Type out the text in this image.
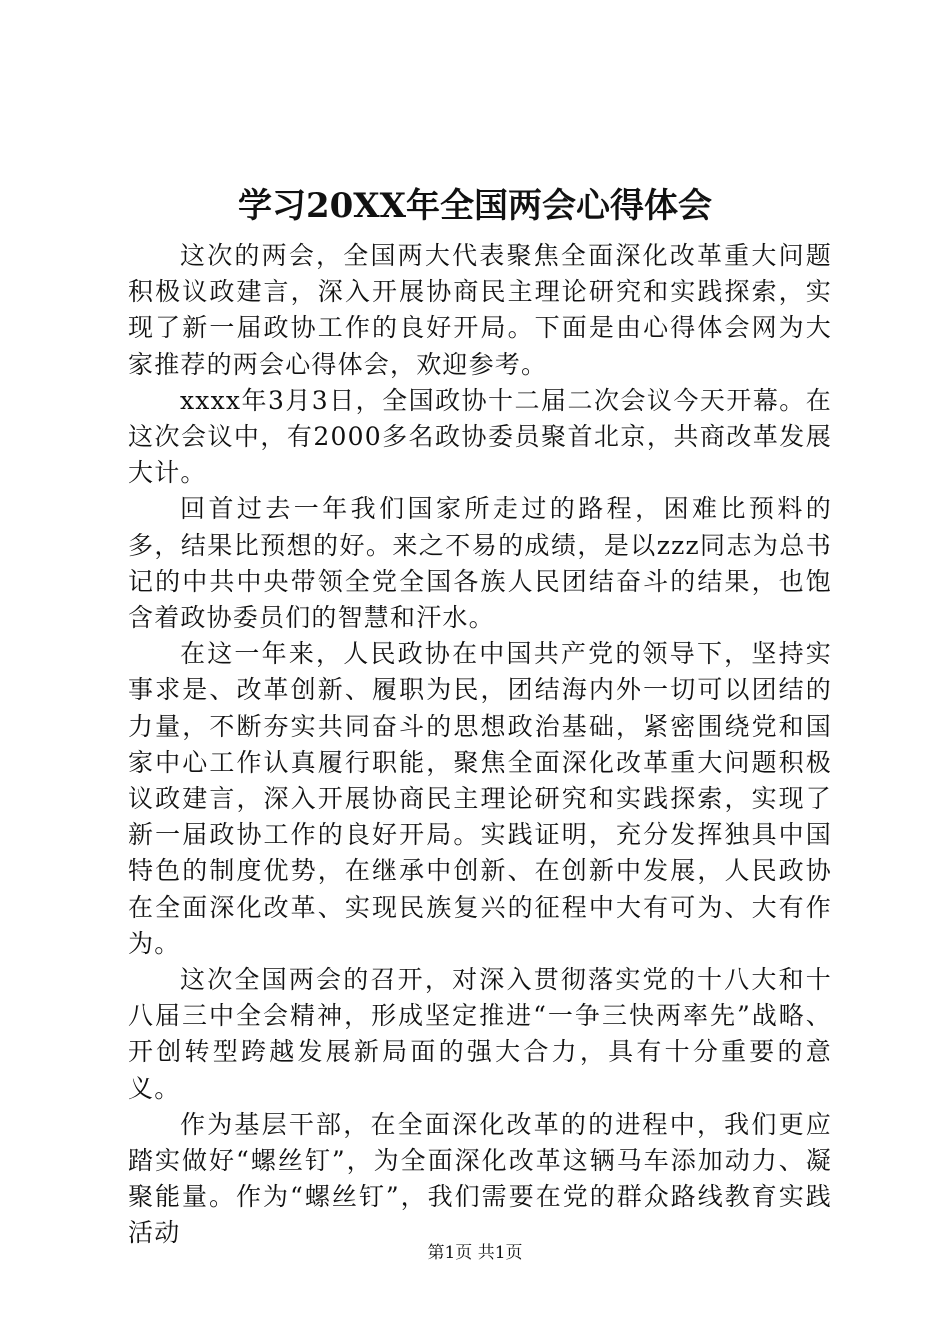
学习20XX年全国两会心得体会

这次的两会，全国两大代表聚焦全面深化改革重大问题积极议政建言，深入开展协商民主理论研究和实践探索，实现了新一届政协工作的良好开局。下面是由心得体会网为大家推荐的两会心得体会，欢迎参考。

xxxx年3月3日，全国政协十二届二次会议今天开幕。在这次会议中，有2000多名政协委员聚首北京，共商改革发展大计。

回首过去一年我们国家所走过的路程，困难比预料的多，结果比预想的好。来之不易的成绩，是以zzz同志为总书记的中共中央带领全党全国各族人民团结奋斗的结果，也饱含着政协委员们的智慧和汗水。

在这一年来，人民政协在中国共产党的领导下，坚持实事求是、改革创新、履职为民，团结海内外一切可以团结的力量，不断夯实共同奋斗的思想政治基础，紧密围绕党和国家中心工作认真履行职能，聚焦全面深化改革重大问题积极议政建言，深入开展协商民主理论研究和实践探索，实现了新一届政协工作的良好开局。实践证明，充分发挥独具中国特色的制度优势，在继承中创新、在创新中发展，人民政协在全面深化改革、实现民族复兴的征程中大有可为、大有作为。

这次全国两会的召开，对深入贯彻落实党的十八大和十八届三中全会精神，形成坚定推进“一争三快两率先”战略、开创转型跨越发展新局面的强大合力，具有十分重要的意义。

作为基层干部，在全面深化改革的的进程中，我们更应踏实做好“螺丝钉”，为全面深化改革这辆马车添加动力、凝聚能量。作为“螺丝钉”，我们需要在党的群众路线教育实践活动

第1页 共1页
